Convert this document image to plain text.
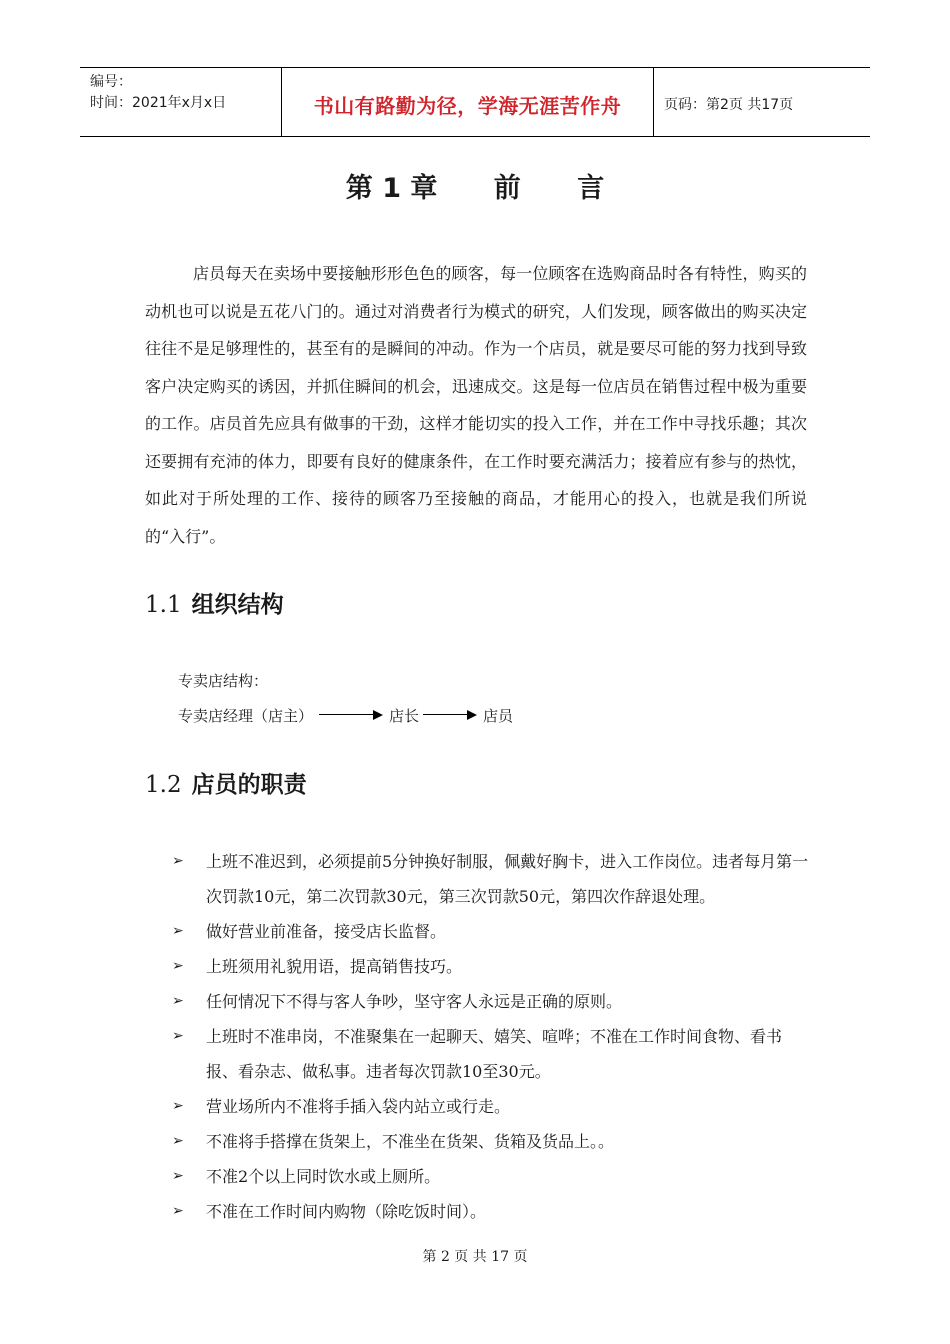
编号：
时间：2021年x月x日	书山有路勤为径，学海无涯苦作舟	页码：第2页 共17页
第 1 章 前 言

店员每天在卖场中要接触形形色色的顾客，每一位顾客在选购商品时各有特性，购买的动机也可以说是五花八门的。通过对消费者行为模式的研究，人们发现，顾客做出的购买决定往往不是足够理性的，甚至有的是瞬间的冲动。作为一个店员，就是要尽可能的努力找到导致客户决定购买的诱因，并抓住瞬间的机会，迅速成交。这是每一位店员在销售过程中极为重要的工作。店员首先应具有做事的干劲，这样才能切实的投入工作，并在工作中寻找乐趣；其次还要拥有充沛的体力，即要有良好的健康条件，在工作时要充满活力；接着应有参与的热忱，如此对于所处理的工作、接待的顾客乃至接触的商品，才能用心的投入，也就是我们所说的“入行”。

1.1 组织结构
专卖店结构：
专卖店经理（店主）	店长	店员
1.2 店员的职责
➢ 上班不准迟到，必须提前5分钟换好制服，佩戴好胸卡，进入工作岗位。违者每月第一次罚款10元，第二次罚款30元，第三次罚款50元，第四次作辞退处理。
➢ 做好营业前准备，接受店长监督。
➢ 上班须用礼貌用语，提高销售技巧。
➢ 任何情况下不得与客人争吵，坚守客人永远是正确的原则。
➢ 上班时不准串岗，不准聚集在一起聊天、嬉笑、喧哗；不准在工作时间食物、看书报、看杂志、做私事。违者每次罚款10至30元。
➢ 营业场所内不准将手插入袋内站立或行走。
➢ 不准将手搭撑在货架上，不准坐在货架、货箱及货品上。。
➢ 不准2个以上同时饮水或上厕所。
➢ 不准在工作时间内购物（除吃饭时间）。
第 2 页 共 17 页
